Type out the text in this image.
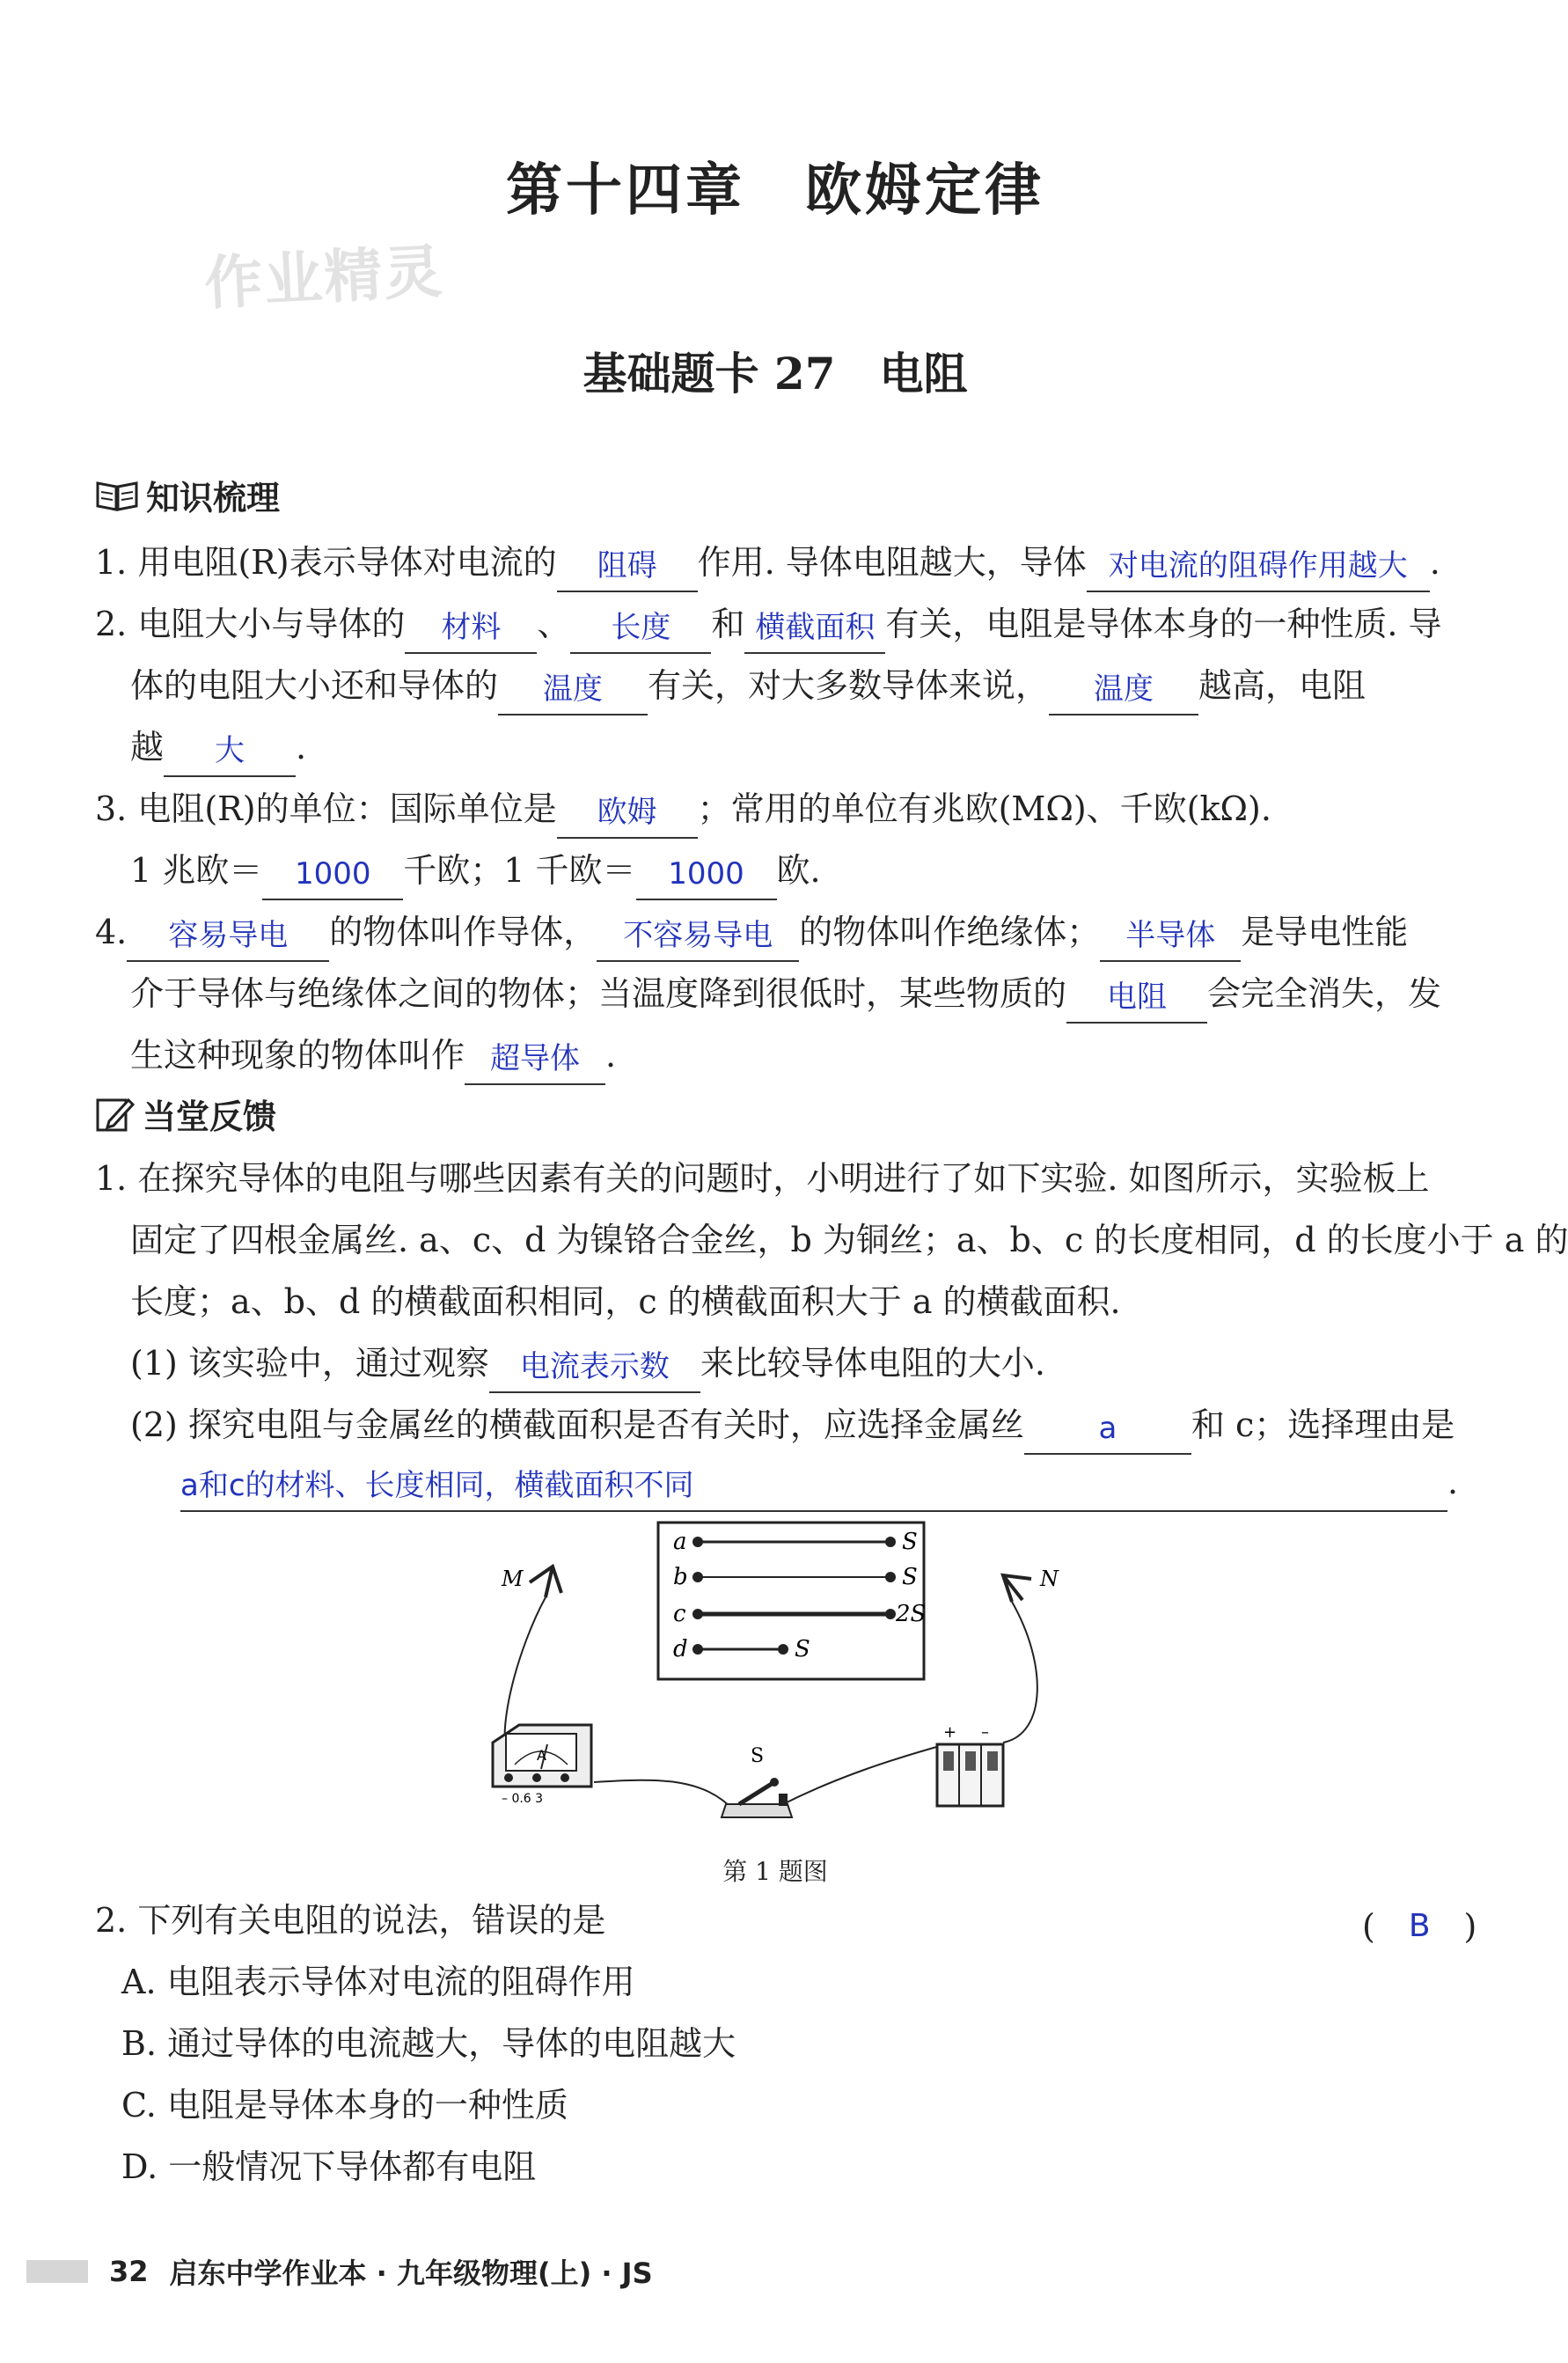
第十四章　欧姆定律
作业精灵
基础题卡 27　电阻
知识梳理
1. 用电阻(R)表示导体对电流的 阻碍 作用. 导体电阻越大，导体 对电流的阻碍作用越大 .
2. 电阻大小与导体的 材料 、 长度 和 横截面积 有关，电阻是导体本身的一种性质. 导
体的电阻大小还和导体的 温度 有关，对大多数导体来说， 温度 越高，电阻
越 大 .
3. 电阻(R)的单位：国际单位是 欧姆 ；常用的单位有兆欧(MΩ)、千欧(kΩ).
1 兆欧＝ 1000 千欧；1 千欧＝ 1000 欧.
4. 容易导电 的物体叫作导体， 不容易导电 的物体叫作绝缘体； 半导体 是导电性能
介于导体与绝缘体之间的物体；当温度降到很低时，某些物质的 电阻 会完全消失，发
生这种现象的物体叫作 超导体 .
当堂反馈
1. 在探究导体的电阻与哪些因素有关的问题时，小明进行了如下实验. 如图所示，实验板上
固定了四根金属丝. a、c、d 为镍铬合金丝，b 为铜丝；a、b、c 的长度相同，d 的长度小于 a 的
长度；a、b、d 的横截面积相同，c 的横截面积大于 a 的横截面积.
(1) 该实验中，通过观察 电流表示数 来比较导体电阻的大小.
(2) 探究电阻与金属丝的横截面积是否有关时，应选择金属丝 a 和 c；选择理由是
a和c的材料、长度相同，横截面积不同	.
a	S
b	S
c	2S
d	S
M	N
A
– 0.6 3
S
+ –
第 1 题图
2. 下列有关电阻的说法，错误的是	( B )
A. 电阻表示导体对电流的阻碍作用
B. 通过导体的电流越大，导体的电阻越大
C. 电阻是导体本身的一种性质
D. 一般情况下导体都有电阻
32 启东中学作业本 · 九年级物理(上) · JS
